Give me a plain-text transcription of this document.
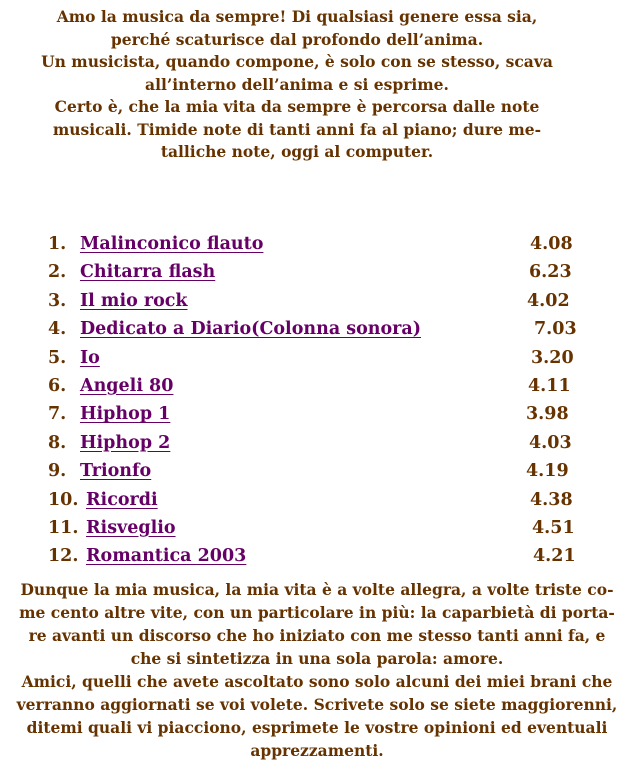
Amo la musica da sempre! Di qualsiasi genere essa sia,
perché scaturisce dal profondo dell’anima.
Un musicista, quando compone, è solo con se stesso, scava
all’interno dell’anima e si esprime.
Certo è, che la mia vita da sempre è percorsa dalle note
musicali. Timide note di tanti anni fa al piano; dure me-
talliche note, oggi al computer.
1. Malinconico flauto	4.08
2. Chitarra flash	6.23
3. Il mio rock	4.02
4. Dedicato a Diario(Colonna sonora)	7.03
5. Io	3.20
6. Angeli 80	4.11
7. Hiphop 1	3.98
8. Hiphop 2	4.03
9. Trionfo	4.19
10. Ricordi	4.38
11. Risveglio	4.51
12. Romantica 2003	4.21
Dunque la mia musica, la mia vita è a volte allegra, a volte triste co-
me cento altre vite, con un particolare in più: la caparbietà di porta-
re avanti un discorso che ho iniziato con me stesso tanti anni fa, e
che si sintetizza in una sola parola: amore.
Amici, quelli che avete ascoltato sono solo alcuni dei miei brani che
verranno aggiornati se voi volete. Scrivete solo se siete maggiorenni,
ditemi quali vi piacciono, esprimete le vostre opinioni ed eventuali
apprezzamenti.
